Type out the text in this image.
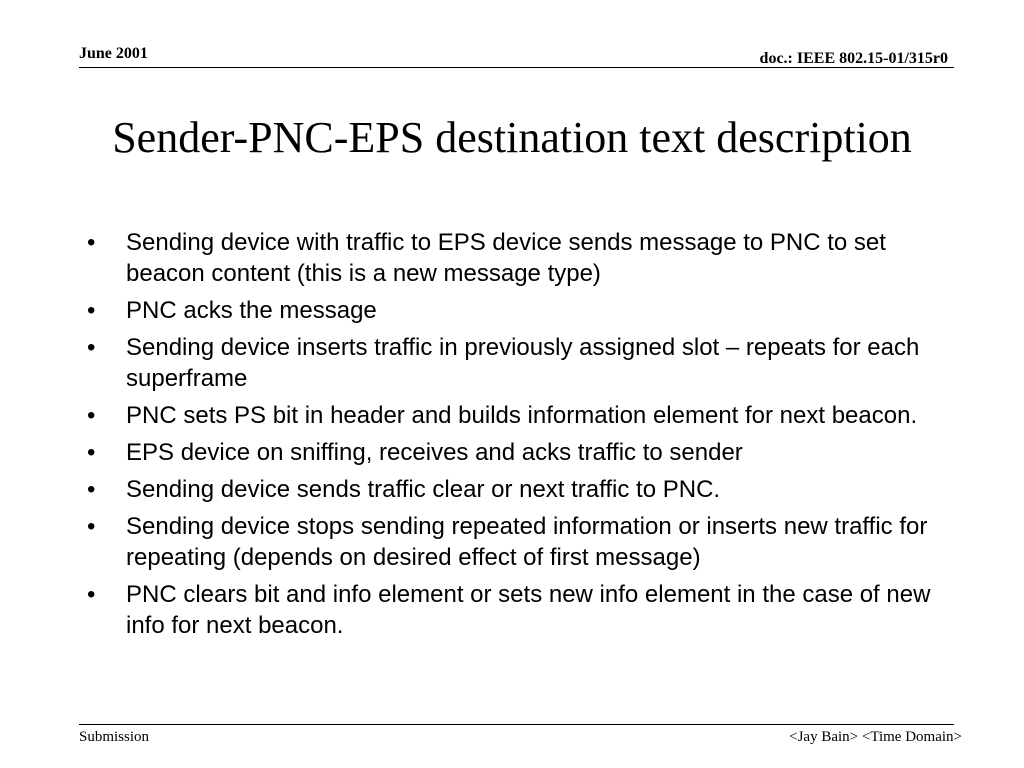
June 2001	doc.: IEEE 802.15-01/315r0
Sender-PNC-EPS destination text description
• Sending device with traffic to EPS device sends message to PNC to set beacon content (this is a new message type)
• PNC acks the message
• Sending device inserts traffic in previously assigned slot – repeats for each superframe
• PNC sets PS bit in header and builds information element for next beacon.
• EPS device on sniffing, receives and acks traffic to sender
• Sending device sends traffic clear or next traffic to PNC.
• Sending device stops sending repeated information or inserts new traffic for repeating (depends on desired effect of first message)
• PNC clears bit and info element or sets new info element in the case of new info for next beacon.
Submission	<Jay Bain> <Time Domain>
